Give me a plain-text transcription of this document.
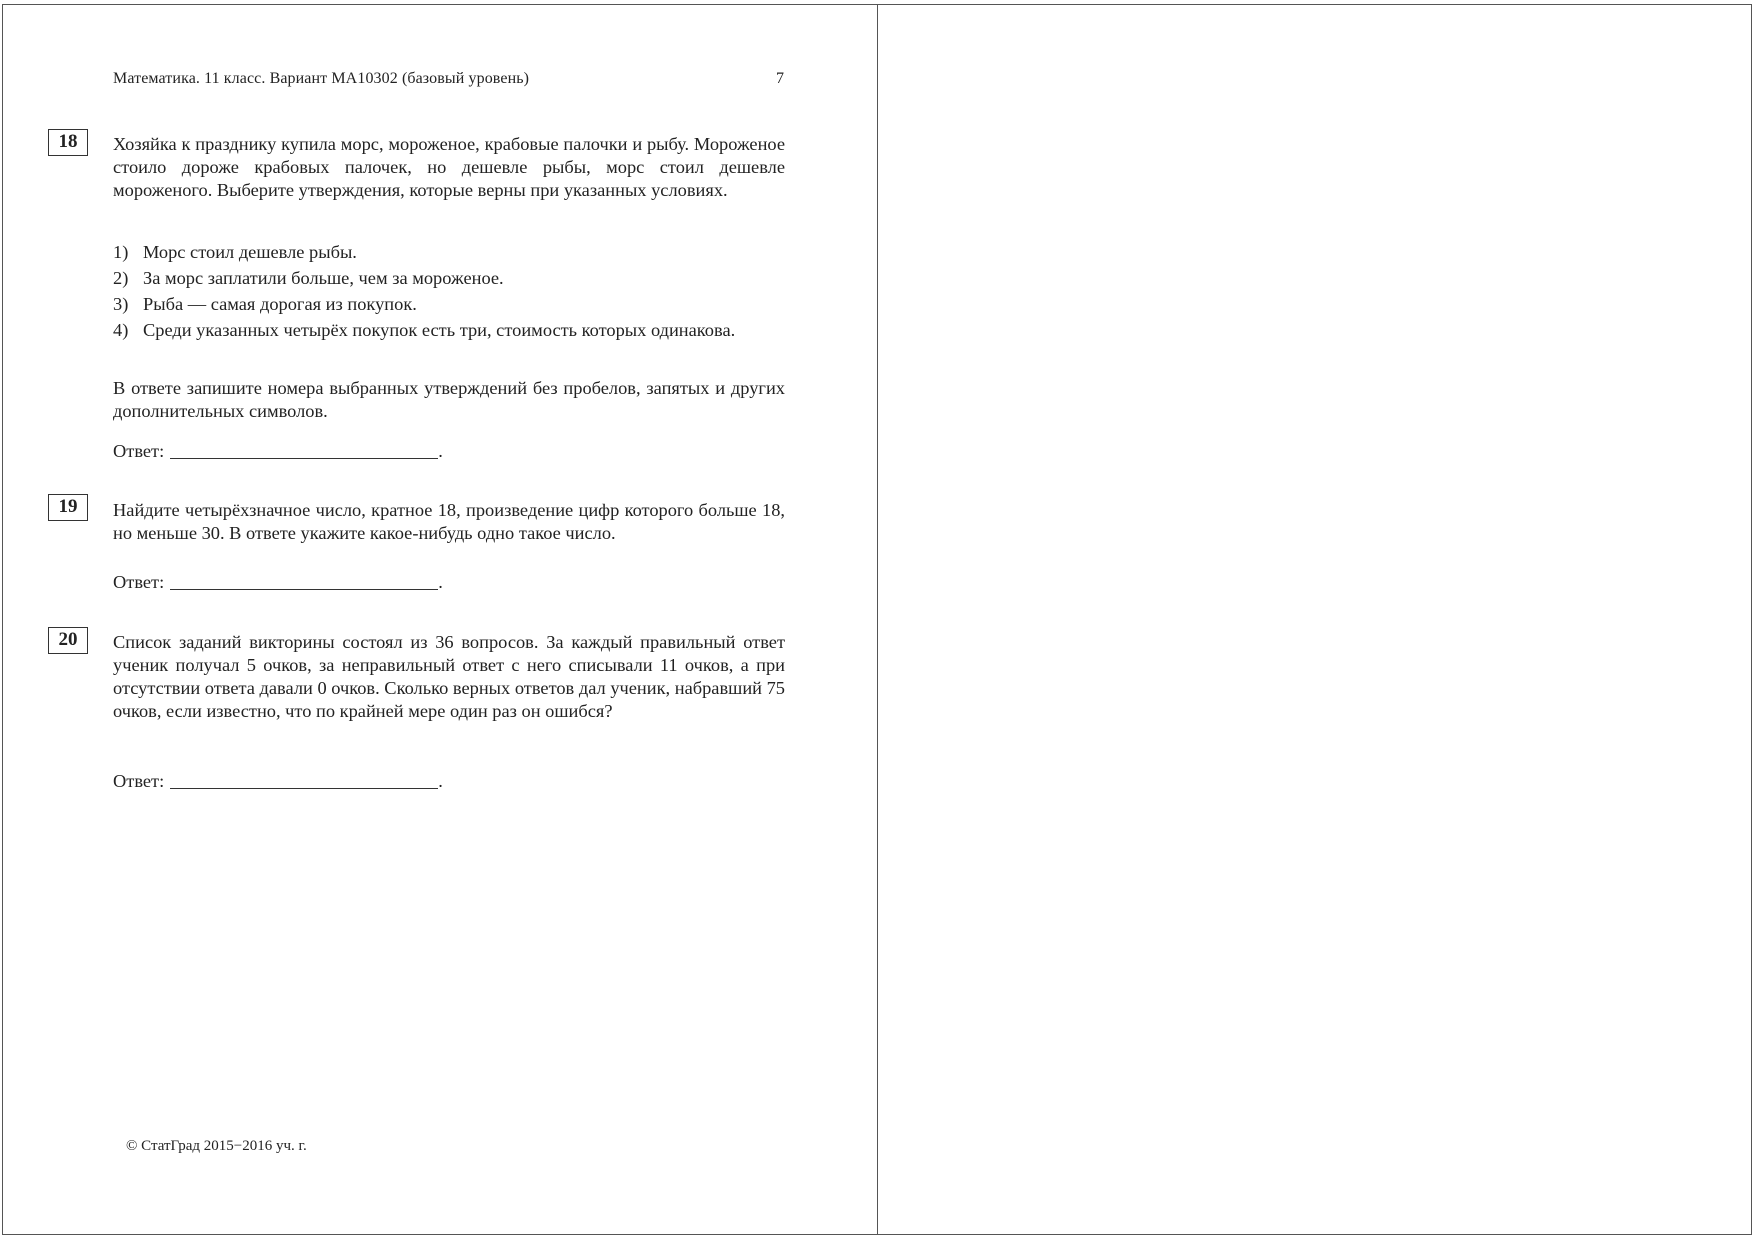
Математика. 11 класс. Вариант МА10302 (базовый уровень)	7
18	Хозяйка к празднику купила морс, мороженое, крабовые палочки и рыбу. Мороженое стоило дороже крабовых палочек, но дешевле рыбы, морс стоил дешевле мороженого. Выберите утверждения, которые верны при указанных условиях.
1) Морс стоил дешевле рыбы.
2) За морс заплатили больше, чем за мороженое.
3) Рыба — самая дорогая из покупок.
4) Среди указанных четырёх покупок есть три, стоимость которых одинакова.
В ответе запишите номера выбранных утверждений без пробелов, запятых и других дополнительных символов.
Ответ:	.
19	Найдите четырёхзначное число, кратное 18, произведение цифр которого больше 18, но меньше 30. В ответе укажите какое-нибудь одно такое число.
Ответ:	.
20	Список заданий викторины состоял из 36 вопросов. За каждый правильный ответ ученик получал 5 очков, за неправильный ответ с него списывали 11 очков, а при отсутствии ответа давали 0 очков. Сколько верных ответов дал ученик, набравший 75 очков, если известно, что по крайней мере один раз он ошибся?
Ответ:	.
© СтатГрад 2015−2016 уч. г.
